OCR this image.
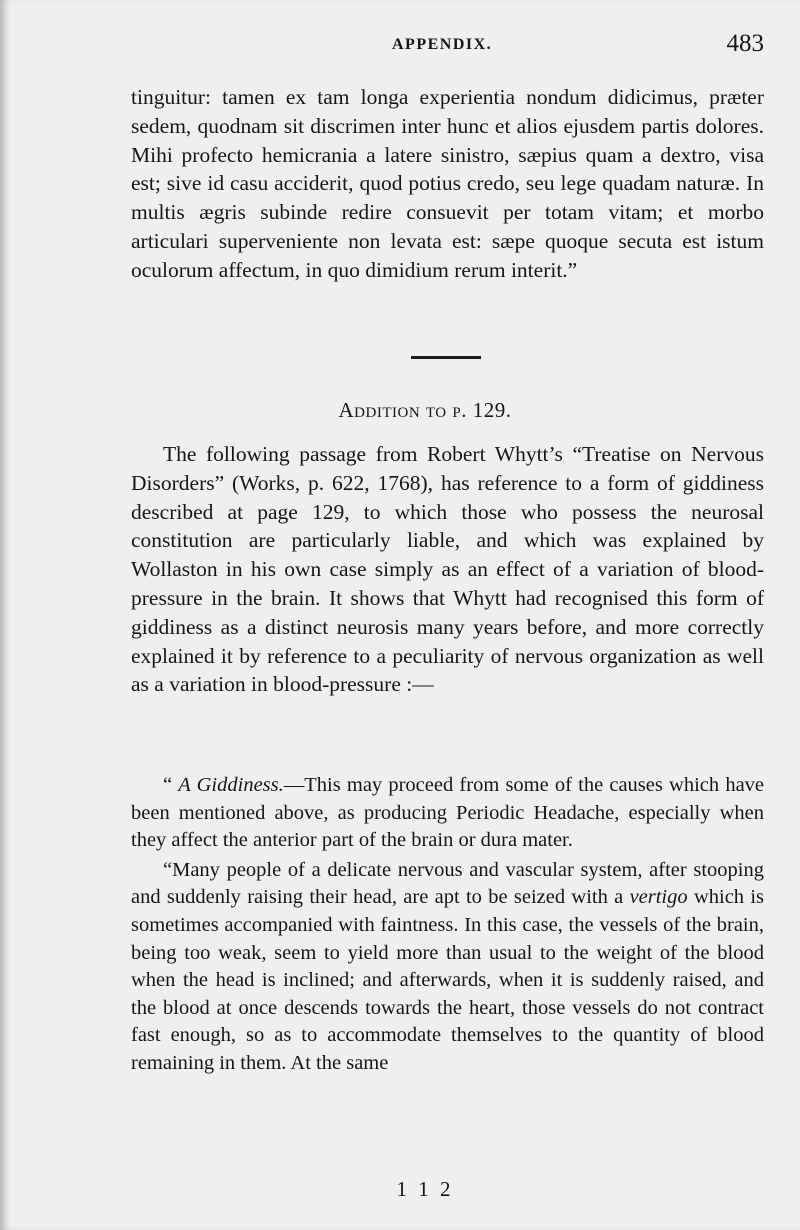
APPENDIX.	483

tinguitur: tamen ex tam longa experientia nondum didicimus, præter sedem, quodnam sit discrimen inter hunc et alios ejusdem partis dolores. Mihi profecto hemicrania a latere sinistro, sæpius quam a dextro, visa est; sive id casu acciderit, quod potius credo, seu lege quadam naturæ. In multis ægris subinde redire consuevit per totam vitam; et morbo articulari superveniente non levata est: sæpe quoque secuta est istum oculorum affectum, in quo dimidium rerum interit.”

Addition to p. 129.

The following passage from Robert Whytt’s “Treatise on Nervous Disorders” (Works, p. 622, 1768), has reference to a form of giddiness described at page 129, to which those who possess the neurosal constitution are particularly liable, and which was explained by Wollaston in his own case simply as an effect of a variation of blood-pressure in the brain. It shows that Whytt had recognised this form of giddiness as a distinct neurosis many years before, and more correctly explained it by reference to a peculiarity of nervous organization as well as a variation in blood-pressure :—

“ A Giddiness.—This may proceed from some of the causes which have been mentioned above, as producing Periodic Headache, especially when they affect the anterior part of the brain or dura mater.

“Many people of a delicate nervous and vascular system, after stooping and suddenly raising their head, are apt to be seized with a vertigo which is sometimes accompanied with faintness. In this case, the vessels of the brain, being too weak, seem to yield more than usual to the weight of the blood when the head is inclined; and afterwards, when it is suddenly raised, and the blood at once descends towards the heart, those vessels do not contract fast enough, so as to accommodate themselves to the quantity of blood remaining in them. At the same

1 1 2
